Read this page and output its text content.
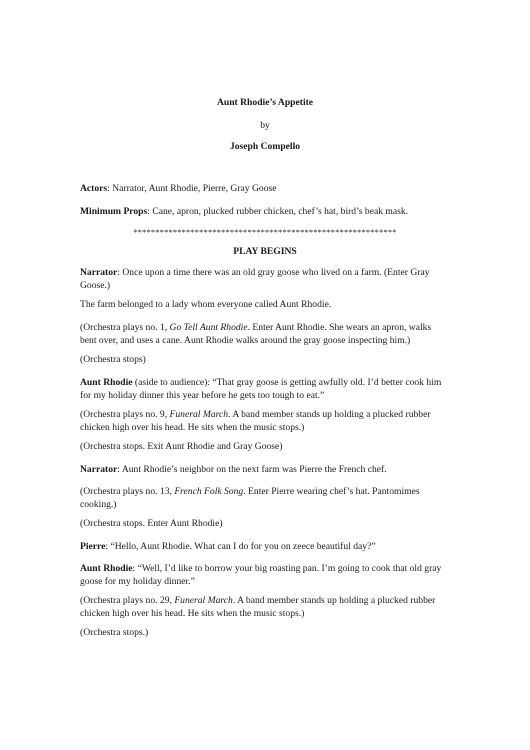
Aunt Rhodie’s Appetite
by
Joseph Compello

Actors: Narrator, Aunt Rhodie, Pierre, Gray Goose

Minimum Props: Cane, apron, plucked rubber chicken, chef’s hat, bird’s beak mask.

************************************************************
PLAY BEGINS

Narrator: Once upon a time there was an old gray goose who lived on a farm. (Enter Gray Goose.)

The farm belonged to a lady whom everyone called Aunt Rhodie.

(Orchestra plays no. 1, Go Tell Aunt Rhodie. Enter Aunt Rhodie. She wears an apron, walks bent over, and uses a cane. Aunt Rhodie walks around the gray goose inspecting him.)

(Orchestra stops)

Aunt Rhodie (aside to audience): “That gray goose is getting awfully old. I’d better cook him for my holiday dinner this year before he gets too tough to eat.”

(Orchestra plays no. 9, Funeral March. A band member stands up holding a plucked rubber chicken high over his head. He sits when the music stops.)

(Orchestra stops. Exit Aunt Rhodie and Gray Goose)

Narrator: Aunt Rhodie’s neighbor on the next farm was Pierre the French chef.

(Orchestra plays no. 13, French Folk Song. Enter Pierre wearing chef’s hat. Pantomimes cooking.)

(Orchestra stops. Enter Aunt Rhodie)

Pierre: “Hello, Aunt Rhodie. What can I do for you on zeece beautiful day?”

Aunt Rhodie: “Well, I’d like to borrow your big roasting pan. I’m going to cook that old gray goose for my holiday dinner.”

(Orchestra plays no. 29, Funeral March. A band member stands up holding a plucked rubber chicken high over his head. He sits when the music stops.)

(Orchestra stops.)
